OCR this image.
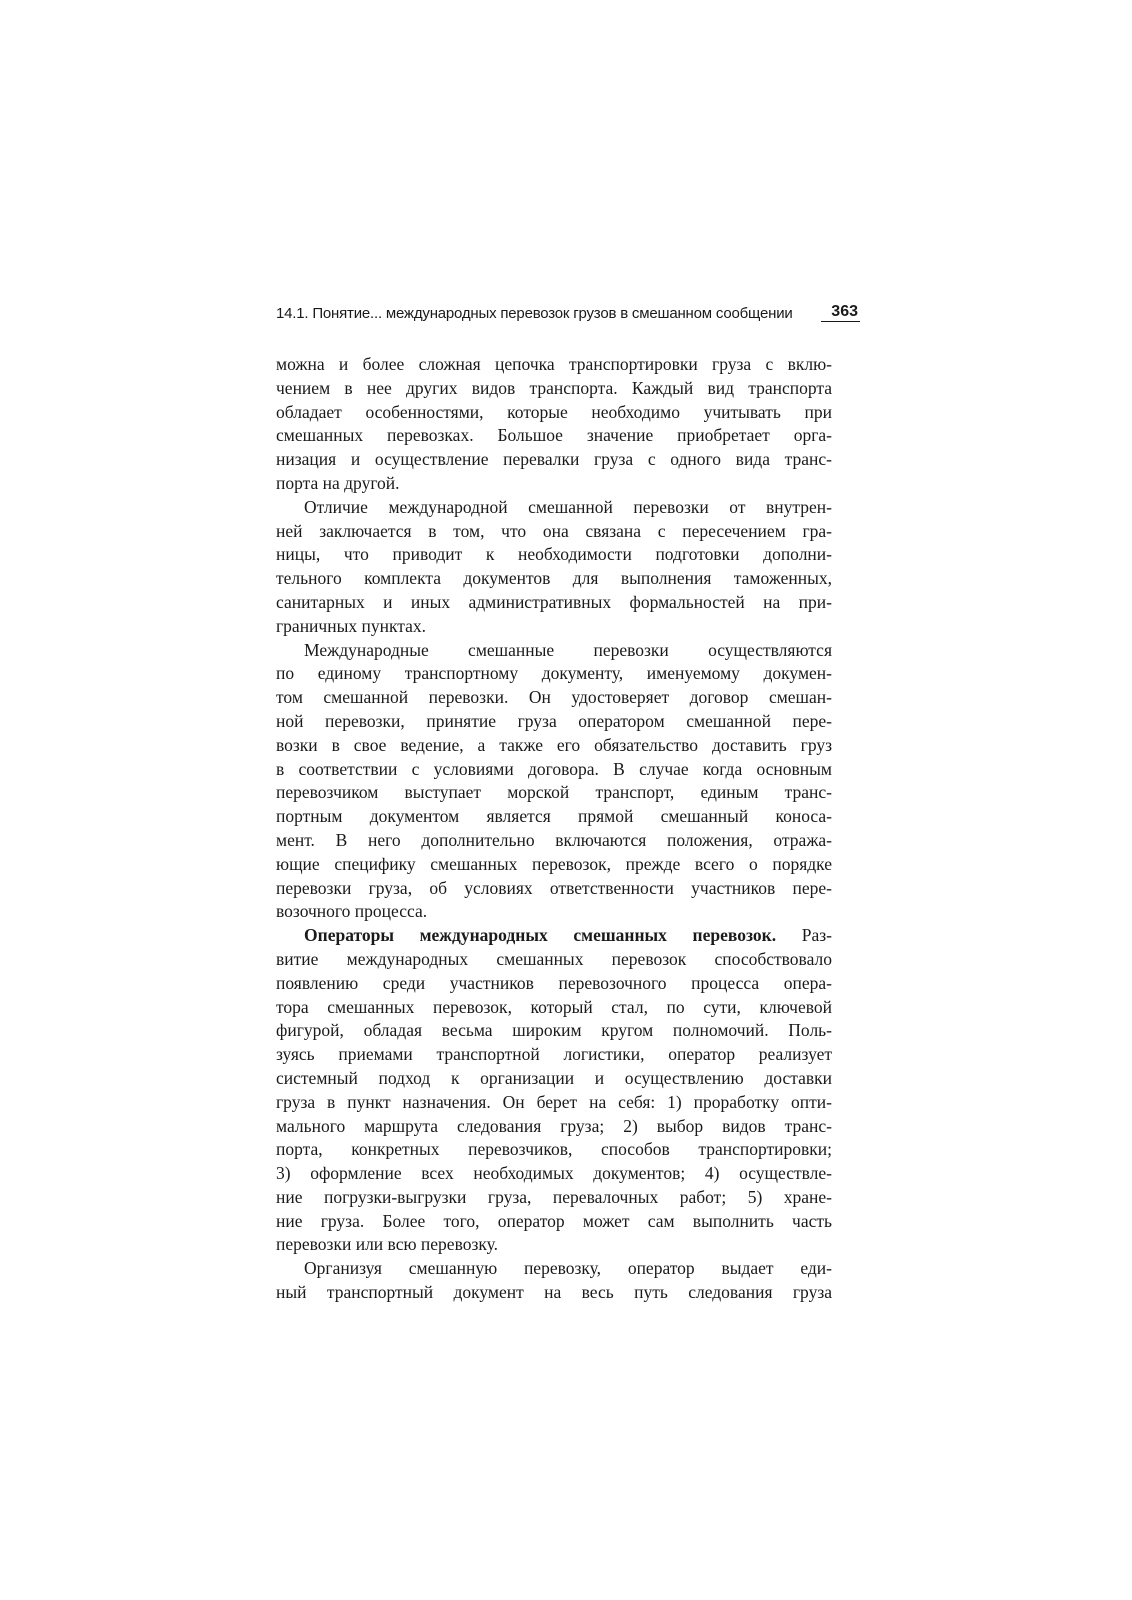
14.1. Понятие... международных перевозок грузов в смешанном сообщении	363
можна и более сложная цепочка транспортировки груза с вклю-
чением в нее других видов транспорта. Каждый вид транспорта
обладает особенностями, которые необходимо учитывать при
смешанных перевозках. Большое значение приобретает орга-
низация и осуществление перевалки груза с одного вида транс-
порта на другой.
Отличие международной смешанной перевозки от внутрен-
ней заключается в том, что она связана с пересечением гра-
ницы, что приводит к необходимости подготовки дополни-
тельного комплекта документов для выполнения таможенных,
санитарных и иных административных формальностей на при-
граничных пунктах.
Международные смешанные перевозки осуществляются
по единому транспортному документу, именуемому докумен-
том смешанной перевозки. Он удостоверяет договор смешан-
ной перевозки, принятие груза оператором смешанной пере-
возки в свое ведение, а также его обязательство доставить груз
в соответствии с условиями договора. В случае когда основным
перевозчиком выступает морской транспорт, единым транс-
портным документом является прямой смешанный коноса-
мент. В него дополнительно включаются положения, отража-
ющие специфику смешанных перевозок, прежде всего о порядке
перевозки груза, об условиях ответственности участников пере-
возочного процесса.
Операторы международных смешанных перевозок. Раз-
витие международных смешанных перевозок способствовало
появлению среди участников перевозочного процесса опера-
тора смешанных перевозок, который стал, по сути, ключевой
фигурой, обладая весьма широким кругом полномочий. Поль-
зуясь приемами транспортной логистики, оператор реализует
системный подход к организации и осуществлению доставки
груза в пункт назначения. Он берет на себя: 1) проработку опти-
мального маршрута следования груза; 2) выбор видов транс-
порта, конкретных перевозчиков, способов транспортировки;
3) оформление всех необходимых документов; 4) осуществле-
ние погрузки-выгрузки груза, перевалочных работ; 5) хране-
ние груза. Более того, оператор может сам выполнить часть
перевозки или всю перевозку.
Организуя смешанную перевозку, оператор выдает еди-
ный транспортный документ на весь путь следования груза
